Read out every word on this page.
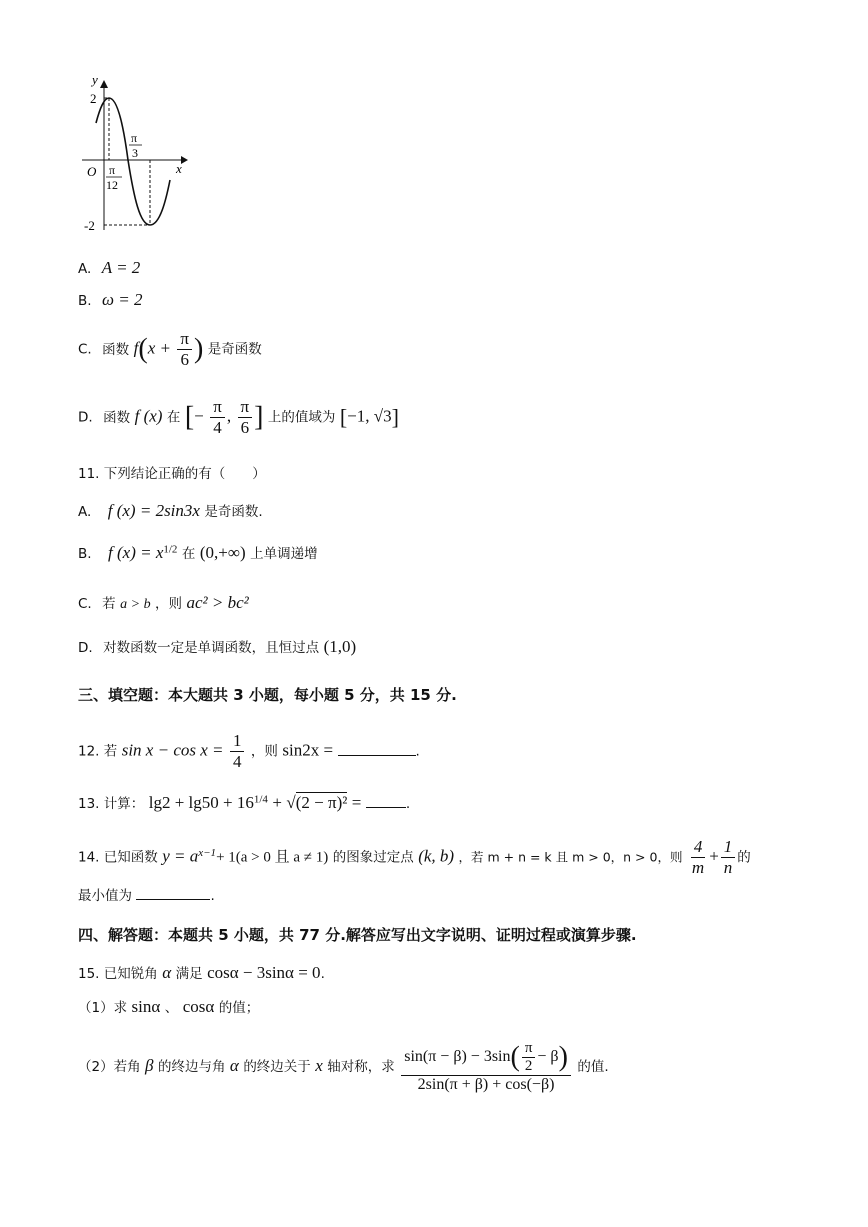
y
x
O
2
-2
π
12
π
3
A. A = 2
B. ω = 2
C. 函数 $f(x + \frac{\pi}{6}$ ) 是奇函数
D. 函数 f (x) 在 [− $\frac{\pi}{4}$ , $\frac{\pi}{6}$ ] 上的值域为 [−1, √3]
11. 下列结论正确的有（　　）
A. f (x) = 2sin3x 是奇函数.
B. f $(x) = x^{1/2}$ 在 (0,+∞) 上单调递增
C. 若 a > b ，则 ac² > bc²
D. 对数函数一定是单调函数，且恒过点 (1,0)
三、填空题：本大题共 3 小题，每小题 5 分，共 15 分.
12. 若 $\sin x - \cos x = \frac{1}{4}$ ，则 sin2x =	.
13. 计算： $\lg 2 + \lg 50 + 16^{1/4} + √(2 - \pi)^2$ =	.
14. 已知函数 $y = a^{x-1}+ 1(a > 0$ 且 a ≠ 1) 的图象过定点 (k, b) ，若 m + n = k 且 m > 0，n > 0，则 $\frac{4}{m} + \frac{1}{n}$ 的
最小值为	.
四、解答题：本题共 5 小题，共 77 分.解答应写出文字说明、证明过程或演算步骤.
15. 已知锐角 α 满足 cosα − 3sinα = 0.
（1）求 sinα 、 cosα 的值；
（2）若角 β 的终边与角 α 的终边关于 x 轴对称，求 $\frac{\sin(\pi - \beta) - 3\sin( \frac{\pi}{2} - \beta)}{2\sin(\pi + \beta) + \cos(-\beta)}$ 的值.
